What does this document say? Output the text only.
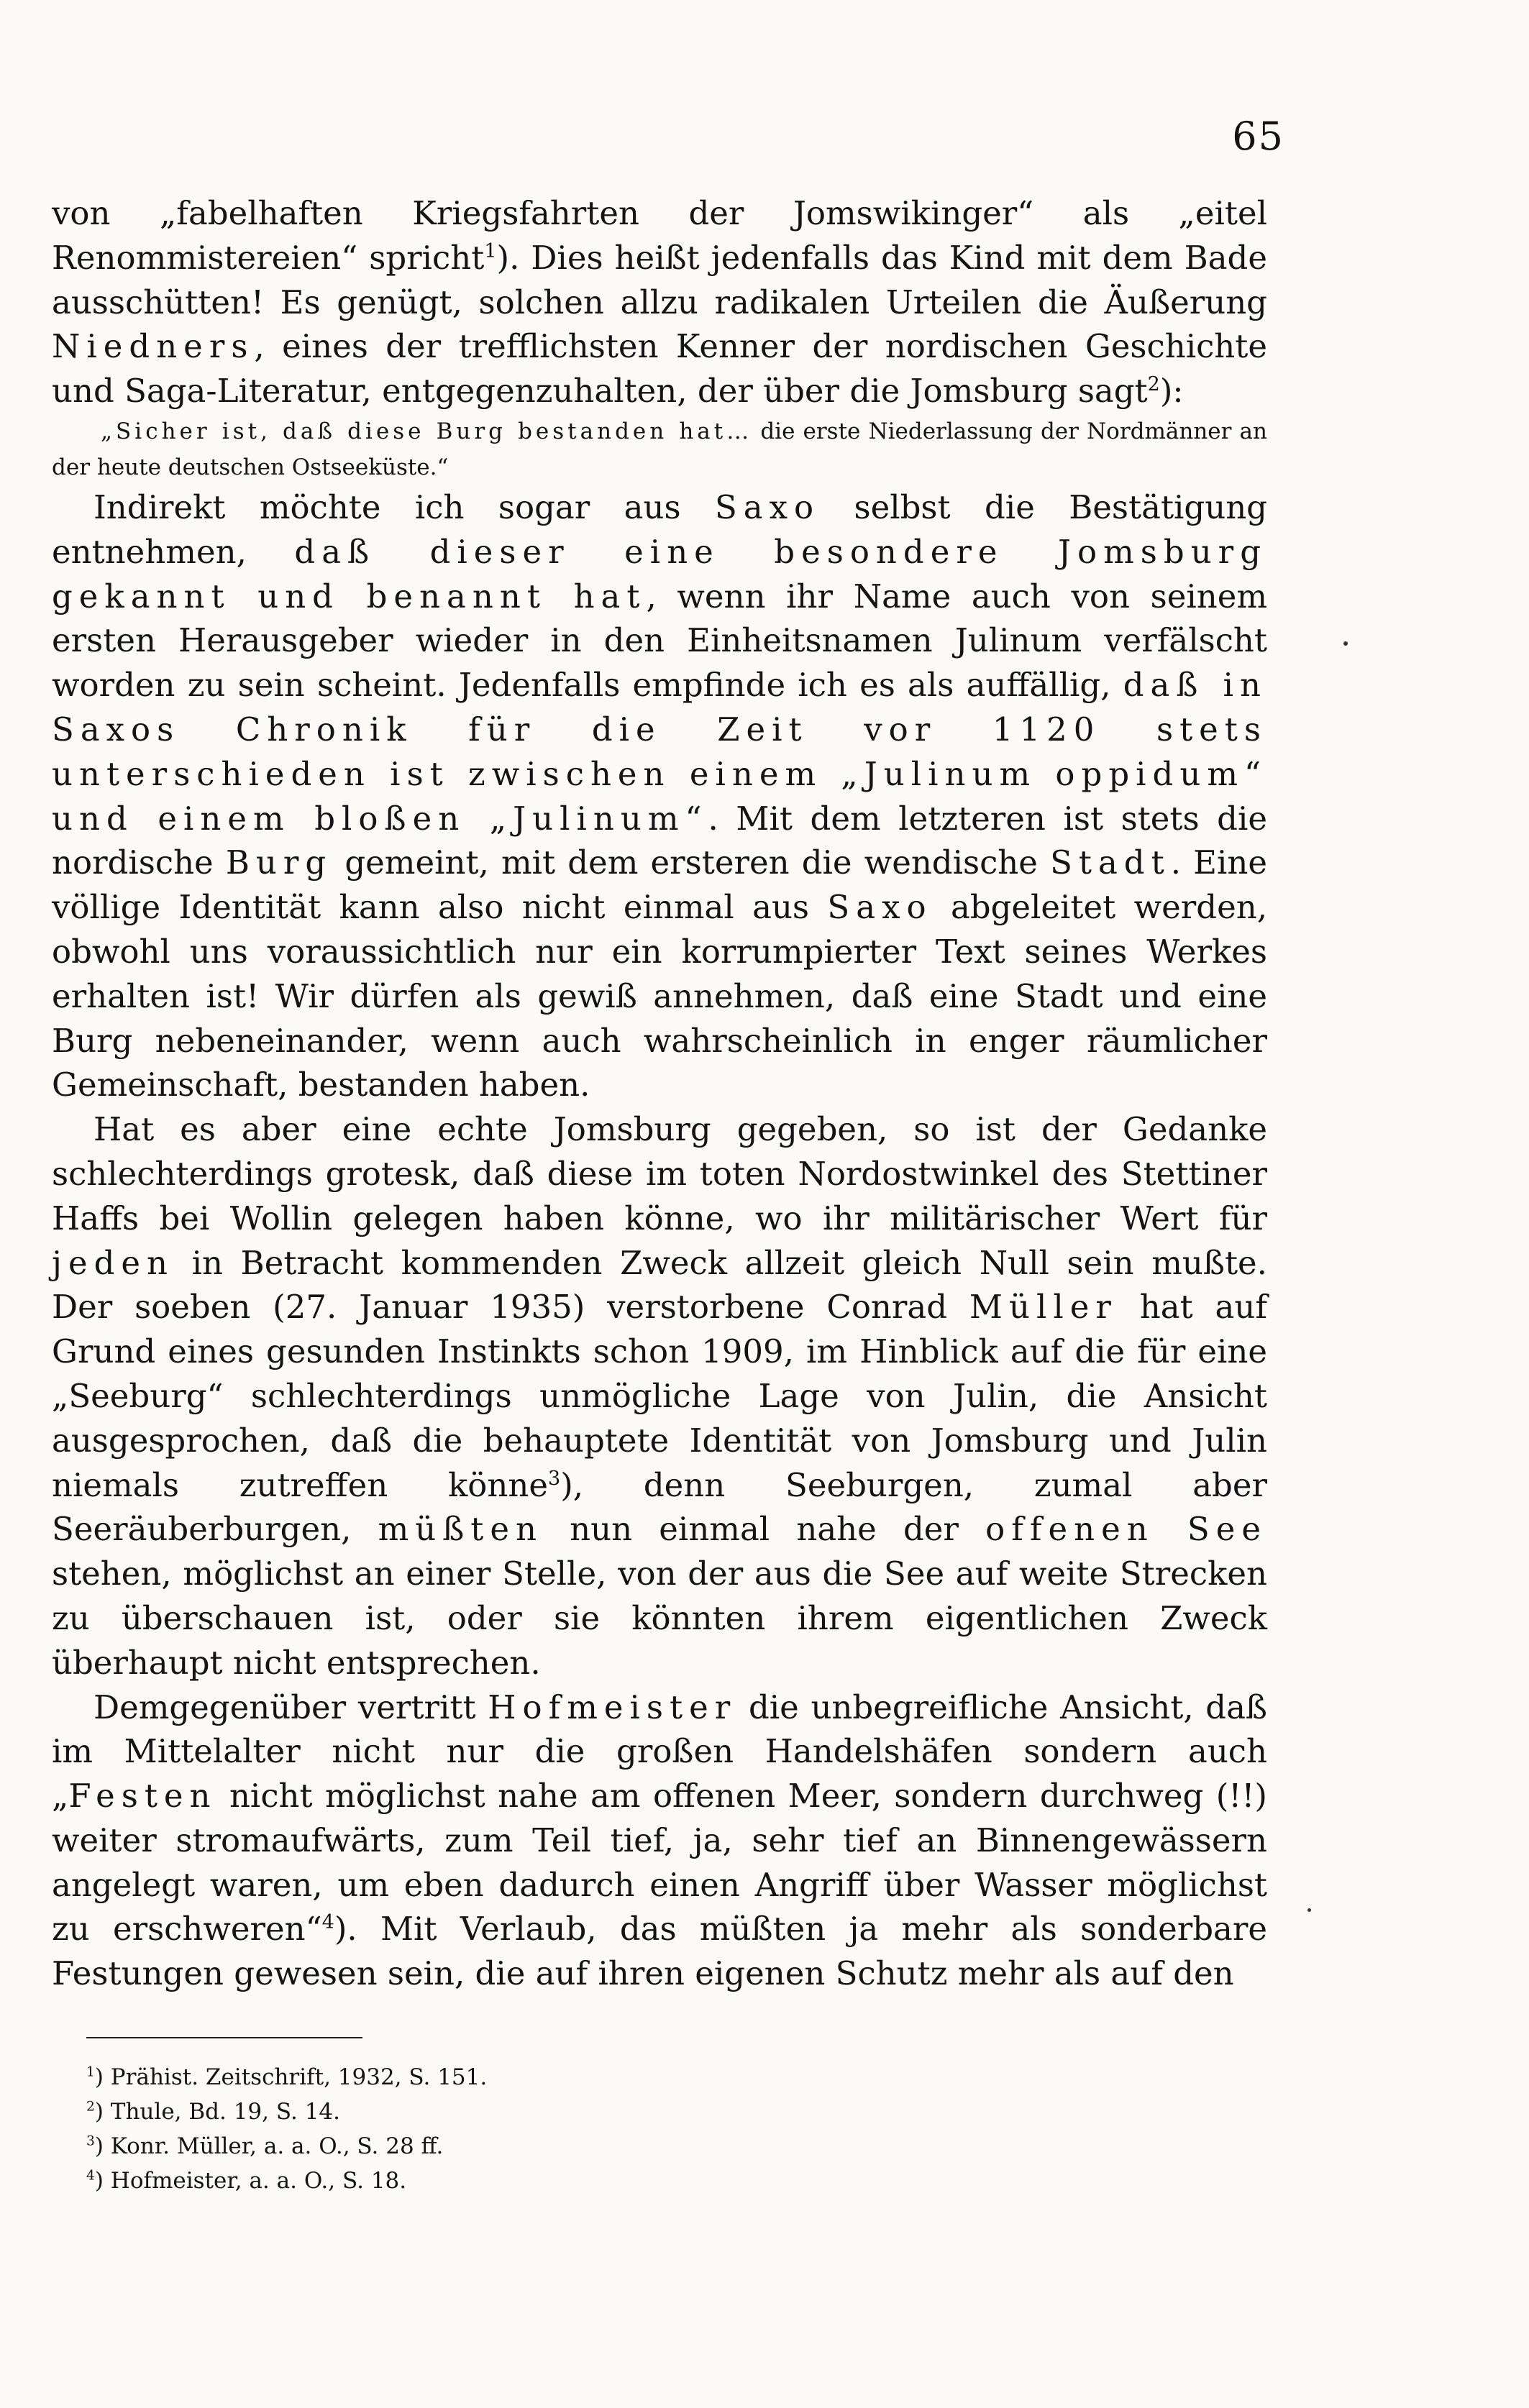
65

von „fabelhaften Kriegsfahrten der Jomswikinger“ als „eitel Renommistereien“ spricht$^1$). Dies heißt jedenfalls das Kind mit dem Bade ausschütten! Es genügt, solchen allzu radikalen Urteilen die Äußerung Niedners, eines der trefflichsten Kenner der nordischen Geschichte und Saga-Literatur, entgegenzuhalten, der über die Jomsburg sagt$^2$):

„Sicher ist, daß diese Burg bestanden hat… die erste Niederlassung der Nordmänner an der heute deutschen Ostseeküste.“

Indirekt möchte ich sogar aus Saxo selbst die Bestätigung entnehmen, daß dieser eine besondere Jomsburg gekannt und benannt hat, wenn ihr Name auch von seinem ersten Herausgeber wieder in den Einheitsnamen Julinum verfälscht worden zu sein scheint. Jedenfalls empfinde ich es als auffällig, daß in Saxos Chronik für die Zeit vor 1120 stets unterschieden ist zwischen einem „Julinum oppidum“ und einem bloßen „Julinum“. Mit dem letzteren ist stets die nordische Burg gemeint, mit dem ersteren die wendische Stadt. Eine völlige Identität kann also nicht einmal aus Saxo abgeleitet werden, obwohl uns voraussichtlich nur ein korrumpierter Text seines Werkes erhalten ist! Wir dürfen als gewiß annehmen, daß eine Stadt und eine Burg nebeneinander, wenn auch wahrscheinlich in enger räumlicher Gemeinschaft, bestanden haben.

Hat es aber eine echte Jomsburg gegeben, so ist der Gedanke schlechterdings grotesk, daß diese im toten Nordostwinkel des Stettiner Haffs bei Wollin gelegen haben könne, wo ihr militärischer Wert für jeden in Betracht kommenden Zweck allzeit gleich Null sein mußte. Der soeben (27. Januar 1935) verstorbene Conrad Müller hat auf Grund eines gesunden Instinkts schon 1909, im Hinblick auf die für eine „Seeburg“ schlechterdings unmögliche Lage von Julin, die Ansicht ausgesprochen, daß die behauptete Identität von Jomsburg und Julin niemals zutreffen könne$^3$), denn Seeburgen, zumal aber Seeräuberburgen, müßten nun einmal nahe der offenen See stehen, möglichst an einer Stelle, von der aus die See auf weite Strecken zu überschauen ist, oder sie könnten ihrem eigentlichen Zweck überhaupt nicht entsprechen.

Demgegenüber vertritt Hofmeister die unbegreifliche Ansicht, daß im Mittelalter nicht nur die großen Handelshäfen sondern auch „Festen nicht möglichst nahe am offenen Meer, sondern durchweg (!!) weiter stromaufwärts, zum Teil tief, ja, sehr tief an Binnengewässern angelegt waren, um eben dadurch einen Angriff über Wasser möglichst zu erschweren“$^4$). Mit Verlaub, das müßten ja mehr als sonderbare Festungen gewesen sein, die auf ihren eigenen Schutz mehr als auf den

$^1$) Prähist. Zeitschrift, 1932, S. 151.
$^2$) Thule, Bd. 19, S. 14.
$^3$) Konr. Müller, a. a. O., S. 28 ff.
$^4$) Hofmeister, a. a. O., S. 18.
